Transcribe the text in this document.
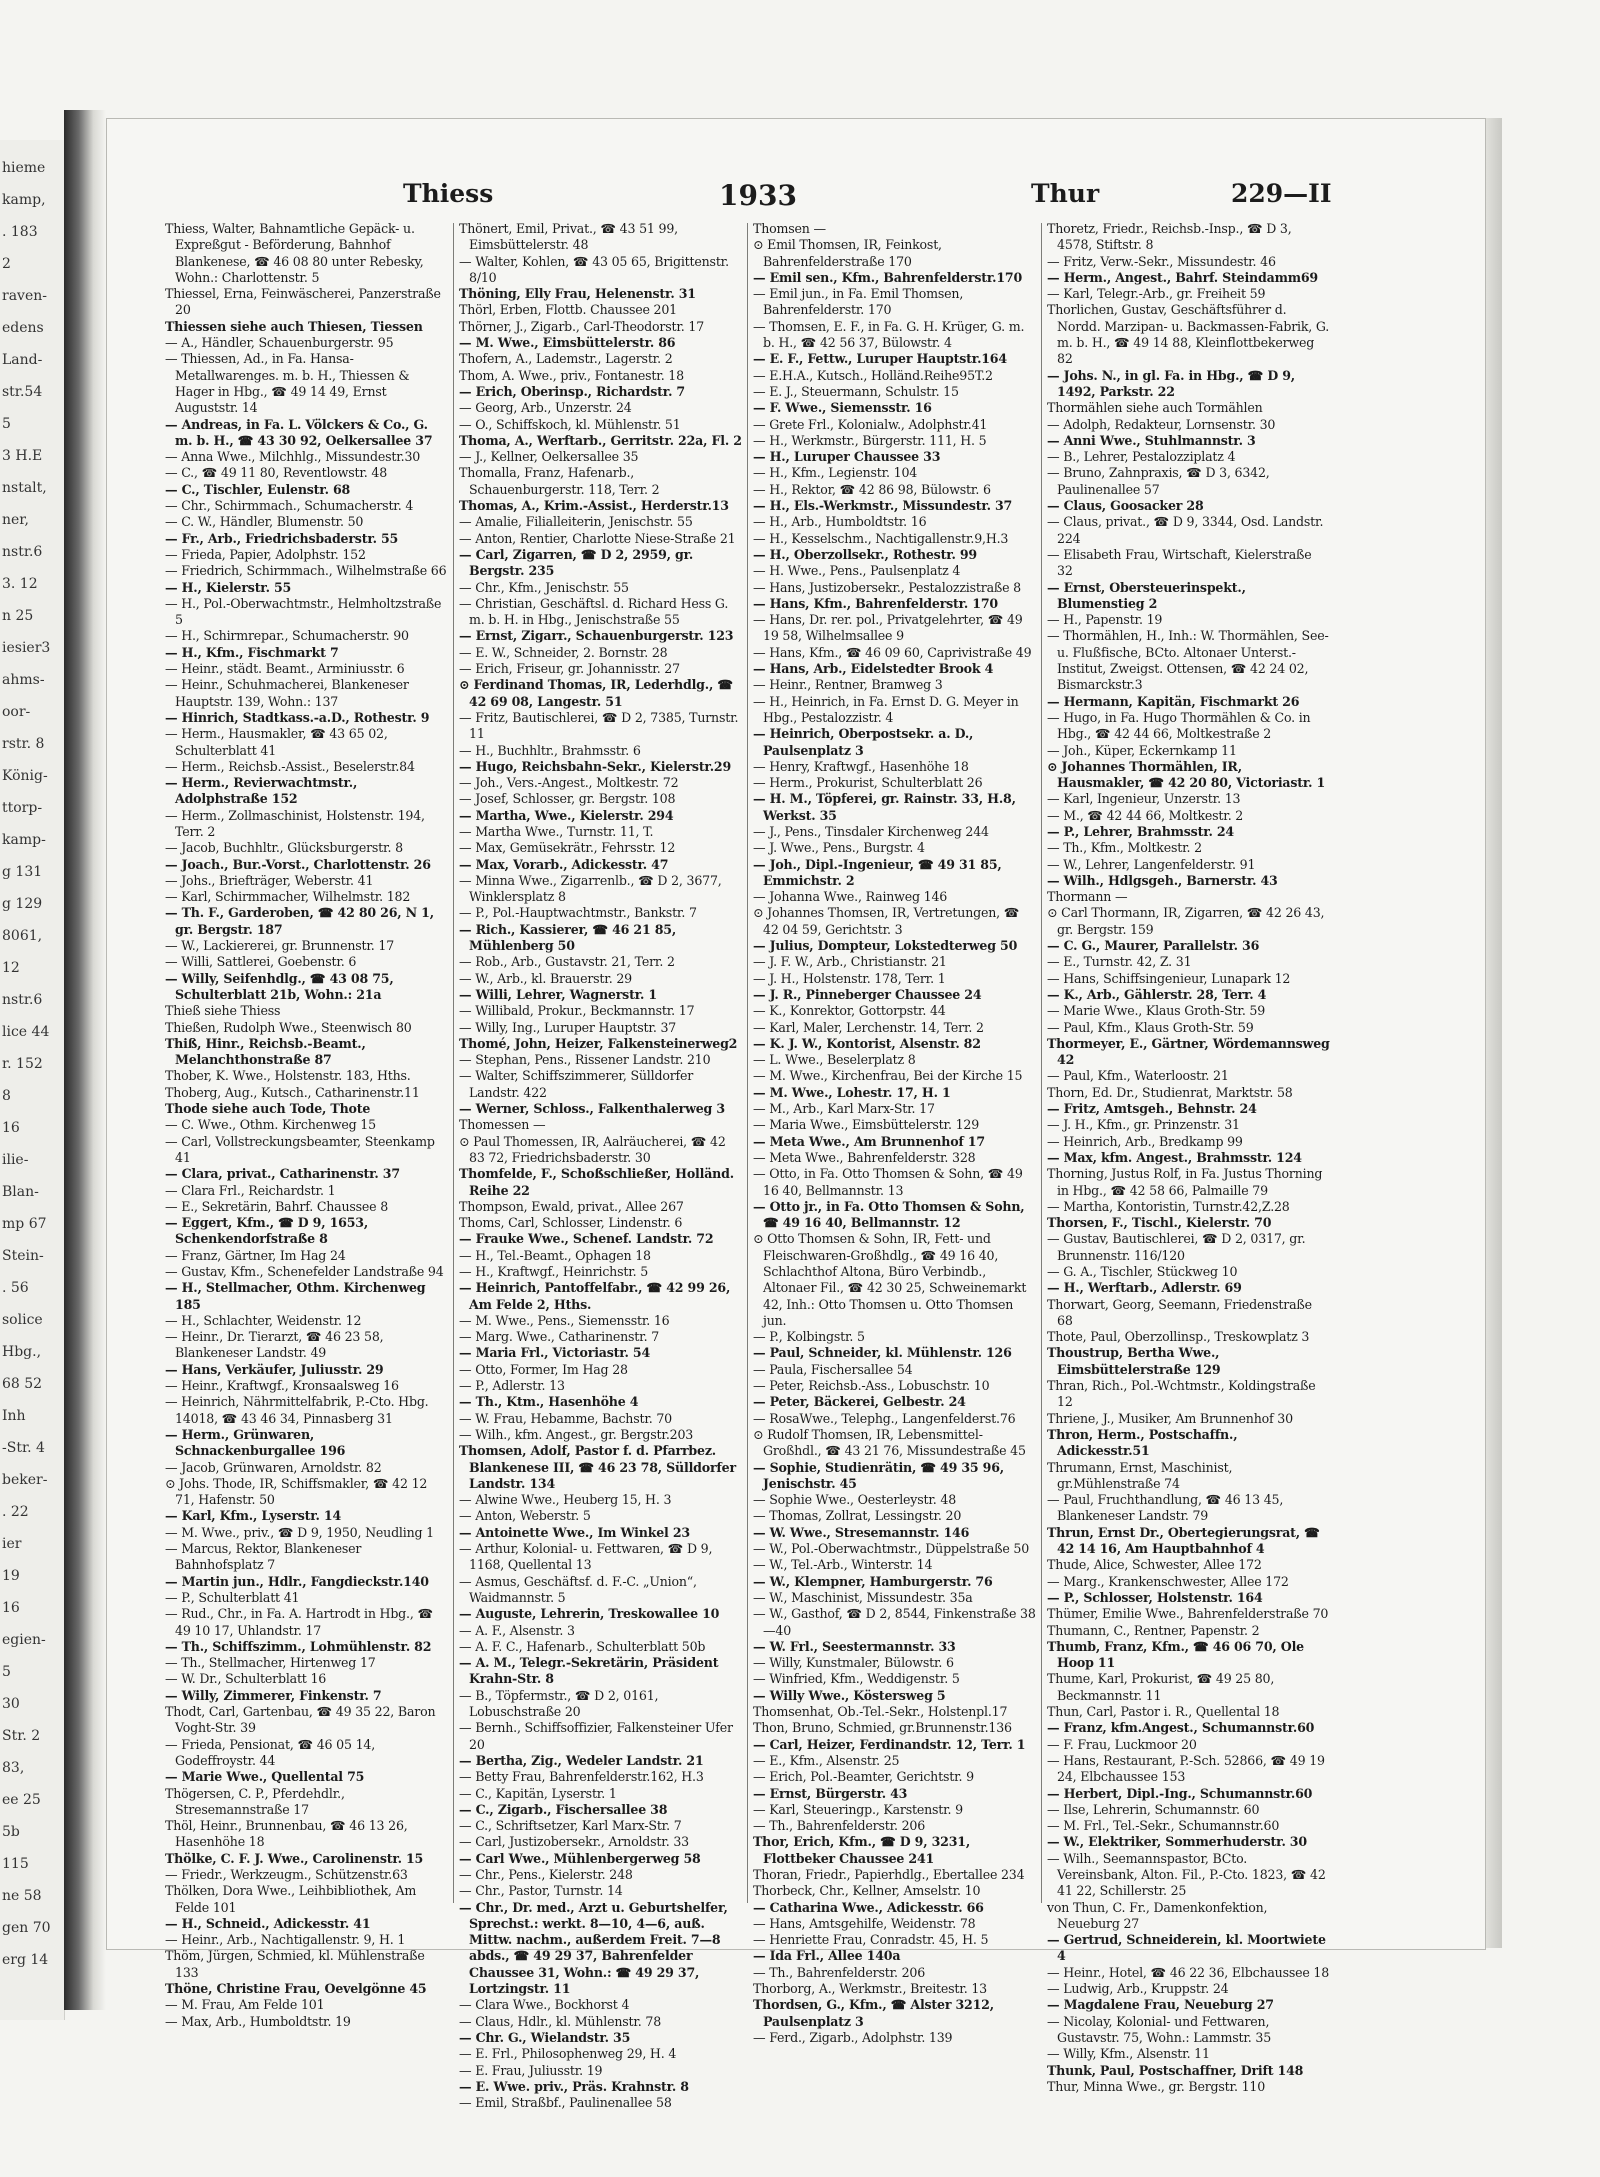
hieme
kamp,
. 183
2
raven-
edens
Land-
str.54
5
3 H.E
nstalt,
ner,
nstr.6
3. 12
n 25
iesier3
ahms-
oor-
rstr. 8
König-
ttorp-
kamp-
g 131
g 129
8061,
12
nstr.6
lice 44
r. 152
8
16
ilie-
Blan-
mp 67
Stein-
. 56
solice
Hbg.,
68 52
Inh
-Str. 4
beker-
. 22
ier
19
16
egien-
5
30
Str. 2
83,
ee 25
5b
115
ne 58
gen 70
erg 14
Thiess	1933	Thur	229—II

Thiess, Walter, Bahnamtliche Gepäck- u. Expreßgut - Beförderung, Bahnhof Blankenese, ☎ 46 08 80 unter Rebesky, Wohn.: Charlottenstr. 5

Thiessel, Erna, Feinwäscherei, Panzerstraße 20

Thiessen siehe auch Thiesen, Tiessen

— A., Händler, Schauenburgerstr. 95

— Thiessen, Ad., in Fa. Hansa-Metallwarenges. m. b. H., Thiessen & Hager in Hbg., ☎ 49 14 49, Ernst Auguststr. 14

— Andreas, in Fa. L. Völckers & Co., G. m. b. H., ☎ 43 30 92, Oelkersallee 37

— Anna Wwe., Milchhlg., Missundestr.30

— C., ☎ 49 11 80, Reventlowstr. 48

— C., Tischler, Eulenstr. 68

— Chr., Schirmmach., Schumacherstr. 4

— C. W., Händler, Blumenstr. 50

— Fr., Arb., Friedrichsbaderstr. 55

— Frieda, Papier, Adolphstr. 152

— Friedrich, Schirmmach., Wilhelmstraße 66

— H., Kielerstr. 55

— H., Pol.-Oberwachtmstr., Helmholtzstraße 5

— H., Schirmrepar., Schumacherstr. 90

— H., Kfm., Fischmarkt 7

— Heinr., städt. Beamt., Arminiusstr. 6

— Heinr., Schuhmacherei, Blankeneser Hauptstr. 139, Wohn.: 137

— Hinrich, Stadtkass.-a.D., Rothestr. 9

— Herm., Hausmakler, ☎ 43 65 02, Schulterblatt 41

— Herm., Reichsb.-Assist., Beselerstr.84

— Herm., Revierwachtmstr., Adolphstraße 152

— Herm., Zollmaschinist, Holstenstr. 194, Terr. 2

— Jacob, Buchhltr., Glücksburgerstr. 8

— Joach., Bur.-Vorst., Charlottenstr. 26

— Johs., Briefträger, Weberstr. 41

— Karl, Schirmmacher, Wilhelmstr. 182

— Th. F., Garderoben, ☎ 42 80 26, N 1, gr. Bergstr. 187

— W., Lackiererei, gr. Brunnenstr. 17

— Willi, Sattlerei, Goebenstr. 6

— Willy, Seifenhdlg., ☎ 43 08 75, Schulterblatt 21b, Wohn.: 21a

Thieß siehe Thiess

Thießen, Rudolph Wwe., Steenwisch 80

Thiß, Hinr., Reichsb.-Beamt., Melanchthonstraße 87

Thober, K. Wwe., Holstenstr. 183, Hths.

Thoberg, Aug., Kutsch., Catharinenstr.11

Thode siehe auch Tode, Thote

— C. Wwe., Othm. Kirchenweg 15

— Carl, Vollstreckungsbeamter, Steenkamp 41

— Clara, privat., Catharinenstr. 37

— Clara Frl., Reichardstr. 1

— E., Sekretärin, Bahrf. Chaussee 8

— Eggert, Kfm., ☎ D 9, 1653, Schenkendorfstraße 8

— Franz, Gärtner, Im Hag 24

— Gustav, Kfm., Schenefelder Landstraße 94

— H., Stellmacher, Othm. Kirchenweg 185

— H., Schlachter, Weidenstr. 12

— Heinr., Dr. Tierarzt, ☎ 46 23 58, Blankeneser Landstr. 49

— Hans, Verkäufer, Juliusstr. 29

— Heinr., Kraftwgf., Kronsaalsweg 16

— Heinrich, Nährmittelfabrik, P.-Cto. Hbg. 14018, ☎ 43 46 34, Pinnasberg 31

— Herm., Grünwaren, Schnackenburgallee 196

— Jacob, Grünwaren, Arnoldstr. 82

⊙ Johs. Thode, IR, Schiffsmakler, ☎ 42 12 71, Hafenstr. 50

— Karl, Kfm., Lyserstr. 14

— M. Wwe., priv., ☎ D 9, 1950, Neudling 1

— Marcus, Rektor, Blankeneser Bahnhofsplatz 7

— Martin jun., Hdlr., Fangdieckstr.140

— P., Schulterblatt 41

— Rud., Chr., in Fa. A. Hartrodt in Hbg., ☎ 49 10 17, Uhlandstr. 17

— Th., Schiffszimm., Lohmühlenstr. 82

— Th., Stellmacher, Hirtenweg 17

— W. Dr., Schulterblatt 16

— Willy, Zimmerer, Finkenstr. 7

Thodt, Carl, Gartenbau, ☎ 49 35 22, Baron Voght-Str. 39

— Frieda, Pensionat, ☎ 46 05 14, Godeffroystr. 44

— Marie Wwe., Quellental 75

Thögersen, C. P., Pferdehdlr., Stresemannstraße 17

Thöl, Heinr., Brunnenbau, ☎ 46 13 26, Hasenhöhe 18

Thölke, C. F. J. Wwe., Carolinenstr. 15

— Friedr., Werkzeugm., Schützenstr.63

Thölken, Dora Wwe., Leihbibliothek, Am Felde 101

— H., Schneid., Adickesstr. 41

— Heinr., Arb., Nachtigallenstr. 9, H. 1

Thöm, Jürgen, Schmied, kl. Mühlenstraße 133

Thöne, Christine Frau, Oevelgönne 45

— M. Frau, Am Felde 101

— Max, Arb., Humboldtstr. 19

Thönert, Emil, Privat., ☎ 43 51 99, Eimsbüttelerstr. 48

— Walter, Kohlen, ☎ 43 05 65, Brigittenstr. 8/10

Thöning, Elly Frau, Helenenstr. 31

Thörl, Erben, Flottb. Chaussee 201

Thörner, J., Zigarb., Carl-Theodorstr. 17

— M. Wwe., Eimsbüttelerstr. 86

Thofern, A., Lademstr., Lagerstr. 2

Thom, A. Wwe., priv., Fontanestr. 18

— Erich, Oberinsp., Richardstr. 7

— Georg, Arb., Unzerstr. 24

— O., Schiffskoch, kl. Mühlenstr. 51

Thoma, A., Werftarb., Gerritstr. 22a, Fl. 2

— J., Kellner, Oelkersallee 35

Thomalla, Franz, Hafenarb., Schauenburgerstr. 118, Terr. 2

Thomas, A., Krim.-Assist., Herderstr.13

— Amalie, Filialleiterin, Jenischstr. 55

— Anton, Rentier, Charlotte Niese-Straße 21

— Carl, Zigarren, ☎ D 2, 2959, gr. Bergstr. 235

— Chr., Kfm., Jenischstr. 55

— Christian, Geschäftsl. d. Richard Hess G. m. b. H. in Hbg., Jenischstraße 55

— Ernst, Zigarr., Schauenburgerstr. 123

— E. W., Schneider, 2. Bornstr. 28

— Erich, Friseur, gr. Johannisstr. 27

⊙ Ferdinand Thomas, IR, Lederhdlg., ☎ 42 69 08, Langestr. 51

— Fritz, Bautischlerei, ☎ D 2, 7385, Turnstr. 11

— H., Buchhltr., Brahmsstr. 6

— Hugo, Reichsbahn-Sekr., Kielerstr.29

— Joh., Vers.-Angest., Moltkestr. 72

— Josef, Schlosser, gr. Bergstr. 108

— Martha, Wwe., Kielerstr. 294

— Martha Wwe., Turnstr. 11, T.

— Max, Gemüsekrätr., Fehrsstr. 12

— Max, Vorarb., Adickesstr. 47

— Minna Wwe., Zigarrenlb., ☎ D 2, 3677, Winklersplatz 8

— P., Pol.-Hauptwachtmstr., Bankstr. 7

— Rich., Kassierer, ☎ 46 21 85, Mühlenberg 50

— Rob., Arb., Gustavstr. 21, Terr. 2

— W., Arb., kl. Brauerstr. 29

— Willi, Lehrer, Wagnerstr. 1

— Willibald, Prokur., Beckmannstr. 17

— Willy, Ing., Luruper Hauptstr. 37

Thomé, John, Heizer, Falkensteinerweg2

— Stephan, Pens., Rissener Landstr. 210

— Walter, Schiffszimmerer, Sülldorfer Landstr. 422

— Werner, Schloss., Falkenthalerweg 3

Thomessen —

⊙ Paul Thomessen, IR, Aalräucherei, ☎ 42 83 72, Friedrichsbaderstr. 30

Thomfelde, F., Schoßschließer, Holländ. Reihe 22

Thompson, Ewald, privat., Allee 267

Thoms, Carl, Schlosser, Lindenstr. 6

— Frauke Wwe., Schenef. Landstr. 72

— H., Tel.-Beamt., Ophagen 18

— H., Kraftwgf., Heinrichstr. 5

— Heinrich, Pantoffelfabr., ☎ 42 99 26, Am Felde 2, Hths.

— M. Wwe., Pens., Siemensstr. 16

— Marg. Wwe., Catharinenstr. 7

— Maria Frl., Victoriastr. 54

— Otto, Former, Im Hag 28

— P., Adlerstr. 13

— Th., Ktm., Hasenhöhe 4

— W. Frau, Hebamme, Bachstr. 70

— Wilh., kfm. Angest., gr. Bergstr.203

Thomsen, Adolf, Pastor f. d. Pfarrbez. Blankenese III, ☎ 46 23 78, Sülldorfer Landstr. 134

— Alwine Wwe., Heuberg 15, H. 3

— Anton, Weberstr. 5

— Antoinette Wwe., Im Winkel 23

— Arthur, Kolonial- u. Fettwaren, ☎ D 9, 1168, Quellental 13

— Asmus, Geschäftsf. d. F.-C. „Union“, Waidmannstr. 5

— Auguste, Lehrerin, Treskowallee 10

— A. F., Alsenstr. 3

— A. F. C., Hafenarb., Schulterblatt 50b

— A. M., Telegr.-Sekretärin, Präsident Krahn-Str. 8

— B., Töpfermstr., ☎ D 2, 0161, Lobuschstraße 20

— Bernh., Schiffsoffizier, Falkensteiner Ufer 20

— Bertha, Zig., Wedeler Landstr. 21

— Betty Frau, Bahrenfelderstr.162, H.3

— C., Kapitän, Lyserstr. 1

— C., Zigarb., Fischersallee 38

— C., Schriftsetzer, Karl Marx-Str. 7

— Carl, Justizobersekr., Arnoldstr. 33

— Carl Wwe., Mühlenbergerweg 58

— Chr., Pens., Kielerstr. 248

— Chr., Pastor, Turnstr. 14

— Chr., Dr. med., Arzt u. Geburtshelfer, Sprechst.: werkt. 8—10, 4—6, auß. Mittw. nachm., außerdem Freit. 7—8 abds., ☎ 49 29 37, Bahrenfelder Chaussee 31, Wohn.: ☎ 49 29 37, Lortzingstr. 11

— Clara Wwe., Bockhorst 4

— Claus, Hdlr., kl. Mühlenstr. 78

— Chr. G., Wielandstr. 35

— E. Frl., Philosophenweg 29, H. 4

— E. Frau, Juliusstr. 19

— E. Wwe. priv., Präs. Krahnstr. 8

— Emil, Straßbf., Paulinenallee 58

Thomsen —

⊙ Emil Thomsen, IR, Feinkost, Bahrenfelderstraße 170

— Emil sen., Kfm., Bahrenfelderstr.170

— Emil jun., in Fa. Emil Thomsen, Bahrenfelderstr. 170

— Thomsen, E. F., in Fa. G. H. Krüger, G. m. b. H., ☎ 42 56 37, Bülowstr. 4

— E. F., Fettw., Luruper Hauptstr.164

— E.H.A., Kutsch., Holländ.Reihe95T.2

— E. J., Steuermann, Schulstr. 15

— F. Wwe., Siemensstr. 16

— Grete Frl., Kolonialw., Adolphstr.41

— H., Werkmstr., Bürgerstr. 111, H. 5

— H., Luruper Chaussee 33

— H., Kfm., Legienstr. 104

— H., Rektor, ☎ 42 86 98, Bülowstr. 6

— H., Els.-Werkmstr., Missundestr. 37

— H., Arb., Humboldtstr. 16

— H., Kesselschm., Nachtigallenstr.9,H.3

— H., Oberzollsekr., Rothestr. 99

— H. Wwe., Pens., Paulsenplatz 4

— Hans, Justizobersekr., Pestalozzistraße 8

— Hans, Kfm., Bahrenfelderstr. 170

— Hans, Dr. rer. pol., Privatgelehrter, ☎ 49 19 58, Wilhelmsallee 9

— Hans, Kfm., ☎ 46 09 60, Caprivistraße 49

— Hans, Arb., Eidelstedter Brook 4

— Heinr., Rentner, Bramweg 3

— H., Heinrich, in Fa. Ernst D. G. Meyer in Hbg., Pestalozzistr. 4

— Heinrich, Oberpostsekr. a. D., Paulsenplatz 3

— Henry, Kraftwgf., Hasenhöhe 18

— Herm., Prokurist, Schulterblatt 26

— H. M., Töpferei, gr. Rainstr. 33, H.8, Werkst. 35

— J., Pens., Tinsdaler Kirchenweg 244

— J. Wwe., Pens., Burgstr. 4

— Joh., Dipl.-Ingenieur, ☎ 49 31 85, Emmichstr. 2

— Johanna Wwe., Rainweg 146

⊙ Johannes Thomsen, IR, Vertretungen, ☎ 42 04 59, Gerichtstr. 3

— Julius, Dompteur, Lokstedterweg 50

— J. F. W., Arb., Christianstr. 21

— J. H., Holstenstr. 178, Terr. 1

— J. R., Pinneberger Chaussee 24

— K., Konrektor, Gottorpstr. 44

— Karl, Maler, Lerchenstr. 14, Terr. 2

— K. J. W., Kontorist, Alsenstr. 82

— L. Wwe., Beselerplatz 8

— M. Wwe., Kirchenfrau, Bei der Kirche 15

— M. Wwe., Lohestr. 17, H. 1

— M., Arb., Karl Marx-Str. 17

— Maria Wwe., Eimsbüttelerstr. 129

— Meta Wwe., Am Brunnenhof 17

— Meta Wwe., Bahrenfelderstr. 328

— Otto, in Fa. Otto Thomsen & Sohn, ☎ 49 16 40, Bellmannstr. 13

— Otto jr., in Fa. Otto Thomsen & Sohn, ☎ 49 16 40, Bellmannstr. 12

⊙ Otto Thomsen & Sohn, IR, Fett- und Fleischwaren-Großhdlg., ☎ 49 16 40, Schlachthof Altona, Büro Verbindb., Altonaer Fil., ☎ 42 30 25, Schweinemarkt 42, Inh.: Otto Thomsen u. Otto Thomsen jun.

— P., Kolbingstr. 5

— Paul, Schneider, kl. Mühlenstr. 126

— Paula, Fischersallee 54

— Peter, Reichsb.-Ass., Lobuschstr. 10

— Peter, Bäckerei, Gelbestr. 24

— RosaWwe., Telephg., Langenfelderst.76

⊙ Rudolf Thomsen, IR, Lebensmittel-Großhdl., ☎ 43 21 76, Missundestraße 45

— Sophie, Studienrätin, ☎ 49 35 96, Jenischstr. 45

— Sophie Wwe., Oesterleystr. 48

— Thomas, Zollrat, Lessingstr. 20

— W. Wwe., Stresemannstr. 146

— W., Pol.-Oberwachtmstr., Düppelstraße 50

— W., Tel.-Arb., Winterstr. 14

— W., Klempner, Hamburgerstr. 76

— W., Maschinist, Missundestr. 35a

— W., Gasthof, ☎ D 2, 8544, Finkenstraße 38—40

— W. Frl., Seestermannstr. 33

— Willy, Kunstmaler, Bülowstr. 6

— Winfried, Kfm., Weddigenstr. 5

— Willy Wwe., Köstersweg 5

Thomsenhat, Ob.-Tel.-Sekr., Holstenpl.17

Thon, Bruno, Schmied, gr.Brunnenstr.136

— Carl, Heizer, Ferdinandstr. 12, Terr. 1

— E., Kfm., Alsenstr. 25

— Erich, Pol.-Beamter, Gerichtstr. 9

— Ernst, Bürgerstr. 43

— Karl, Steueringp., Karstenstr. 9

— Th., Bahrenfelderstr. 206

Thor, Erich, Kfm., ☎ D 9, 3231, Flottbeker Chaussee 241

Thoran, Friedr., Papierhdlg., Ebertallee 234

Thorbeck, Chr., Kellner, Amselstr. 10

— Catharina Wwe., Adickesstr. 66

— Hans, Amtsgehilfe, Weidenstr. 78

— Henriette Frau, Conradstr. 45, H. 5

— Ida Frl., Allee 140a

— Th., Bahrenfelderstr. 206

Thorborg, A., Werkmstr., Breitestr. 13

Thordsen, G., Kfm., ☎ Alster 3212, Paulsenplatz 3

— Ferd., Zigarb., Adolphstr. 139

Thoretz, Friedr., Reichsb.-Insp., ☎ D 3, 4578, Stiftstr. 8

— Fritz, Verw.-Sekr., Missundestr. 46

— Herm., Angest., Bahrf. Steindamm69

— Karl, Telegr.-Arb., gr. Freiheit 59

Thorlichen, Gustav, Geschäftsführer d. Nordd. Marzipan- u. Backmassen-Fabrik, G. m. b. H., ☎ 49 14 88, Kleinflottbekerweg 82

— Johs. N., in gl. Fa. in Hbg., ☎ D 9, 1492, Parkstr. 22

Thormählen siehe auch Tormählen

— Adolph, Redakteur, Lornsenstr. 30

— Anni Wwe., Stuhlmannstr. 3

— B., Lehrer, Pestalozziplatz 4

— Bruno, Zahnpraxis, ☎ D 3, 6342, Paulinenallee 57

— Claus, Goosacker 28

— Claus, privat., ☎ D 9, 3344, Osd. Landstr. 224

— Elisabeth Frau, Wirtschaft, Kielerstraße 32

— Ernst, Obersteuerinspekt., Blumenstieg 2

— H., Papenstr. 19

— Thormählen, H., Inh.: W. Thormählen, See- u. Flußfische, BCto. Altonaer Unterst.-Institut, Zweigst. Ottensen, ☎ 42 24 02, Bismarckstr.3

— Hermann, Kapitän, Fischmarkt 26

— Hugo, in Fa. Hugo Thormählen & Co. in Hbg., ☎ 42 44 66, Moltkestraße 2

— Joh., Küper, Eckernkamp 11

⊙ Johannes Thormählen, IR, Hausmakler, ☎ 42 20 80, Victoriastr. 1

— Karl, Ingenieur, Unzerstr. 13

— M., ☎ 42 44 66, Moltkestr. 2

— P., Lehrer, Brahmsstr. 24

— Th., Kfm., Moltkestr. 2

— W., Lehrer, Langenfelderstr. 91

— Wilh., Hdlgsgeh., Barnerstr. 43

Thormann —

⊙ Carl Thormann, IR, Zigarren, ☎ 42 26 43, gr. Bergstr. 159

— C. G., Maurer, Parallelstr. 36

— E., Turnstr. 42, Z. 31

— Hans, Schiffsingenieur, Lunapark 12

— K., Arb., Gählerstr. 28, Terr. 4

— Marie Wwe., Klaus Groth-Str. 59

— Paul, Kfm., Klaus Groth-Str. 59

Thormeyer, E., Gärtner, Wördemannsweg 42

— Paul, Kfm., Waterloostr. 21

Thorn, Ed. Dr., Studienrat, Marktstr. 58

— Fritz, Amtsgeh., Behnstr. 24

— J. H., Kfm., gr. Prinzenstr. 31

— Heinrich, Arb., Bredkamp 99

— Max, kfm. Angest., Brahmsstr. 124

Thorning, Justus Rolf, in Fa. Justus Thorning in Hbg., ☎ 42 58 66, Palmaille 79

— Martha, Kontoristin, Turnstr.42,Z.28

Thorsen, F., Tischl., Kielerstr. 70

— Gustav, Bautischlerei, ☎ D 2, 0317, gr. Brunnenstr. 116/120

— G. A., Tischler, Stückweg 10

— H., Werftarb., Adlerstr. 69

Thorwart, Georg, Seemann, Friedenstraße 68

Thote, Paul, Oberzollinsp., Treskowplatz 3

Thoustrup, Bertha Wwe., Eimsbüttelerstraße 129

Thran, Rich., Pol.-Wchtmstr., Koldingstraße 12

Thriene, J., Musiker, Am Brunnenhof 30

Thron, Herm., Postschaffn., Adickesstr.51

Thrumann, Ernst, Maschinist, gr.Mühlenstraße 74

— Paul, Fruchthandlung, ☎ 46 13 45, Blankeneser Landstr. 79

Thrun, Ernst Dr., Obertegierungsrat, ☎ 42 14 16, Am Hauptbahnhof 4

Thude, Alice, Schwester, Allee 172

— Marg., Krankenschwester, Allee 172

— P., Schlosser, Holstenstr. 164

Thümer, Emilie Wwe., Bahrenfelderstraße 70

Thumann, C., Rentner, Papenstr. 2

Thumb, Franz, Kfm., ☎ 46 06 70, Ole Hoop 11

Thume, Karl, Prokurist, ☎ 49 25 80, Beckmannstr. 11

Thun, Carl, Pastor i. R., Quellental 18

— Franz, kfm.Angest., Schumannstr.60

— F. Frau, Luckmoor 20

— Hans, Restaurant, P.-Sch. 52866, ☎ 49 19 24, Elbchaussee 153

— Herbert, Dipl.-Ing., Schumannstr.60

— Ilse, Lehrerin, Schumannstr. 60

— M. Frl., Tel.-Sekr., Schumannstr.60

— W., Elektriker, Sommerhuderstr. 30

— Wilh., Seemannspastor, BCto. Vereinsbank, Alton. Fil., P.-Cto. 1823, ☎ 42 41 22, Schillerstr. 25

von Thun, C. Fr., Damenkonfektion, Neueburg 27

— Gertrud, Schneiderein, kl. Moortwiete 4

— Heinr., Hotel, ☎ 46 22 36, Elbchaussee 18

— Ludwig, Arb., Kruppstr. 24

— Magdalene Frau, Neueburg 27

— Nicolay, Kolonial- und Fettwaren, Gustavstr. 75, Wohn.: Lammstr. 35

— Willy, Kfm., Alsenstr. 11

Thunk, Paul, Postschaffner, Drift 148

Thur, Minna Wwe., gr. Bergstr. 110
